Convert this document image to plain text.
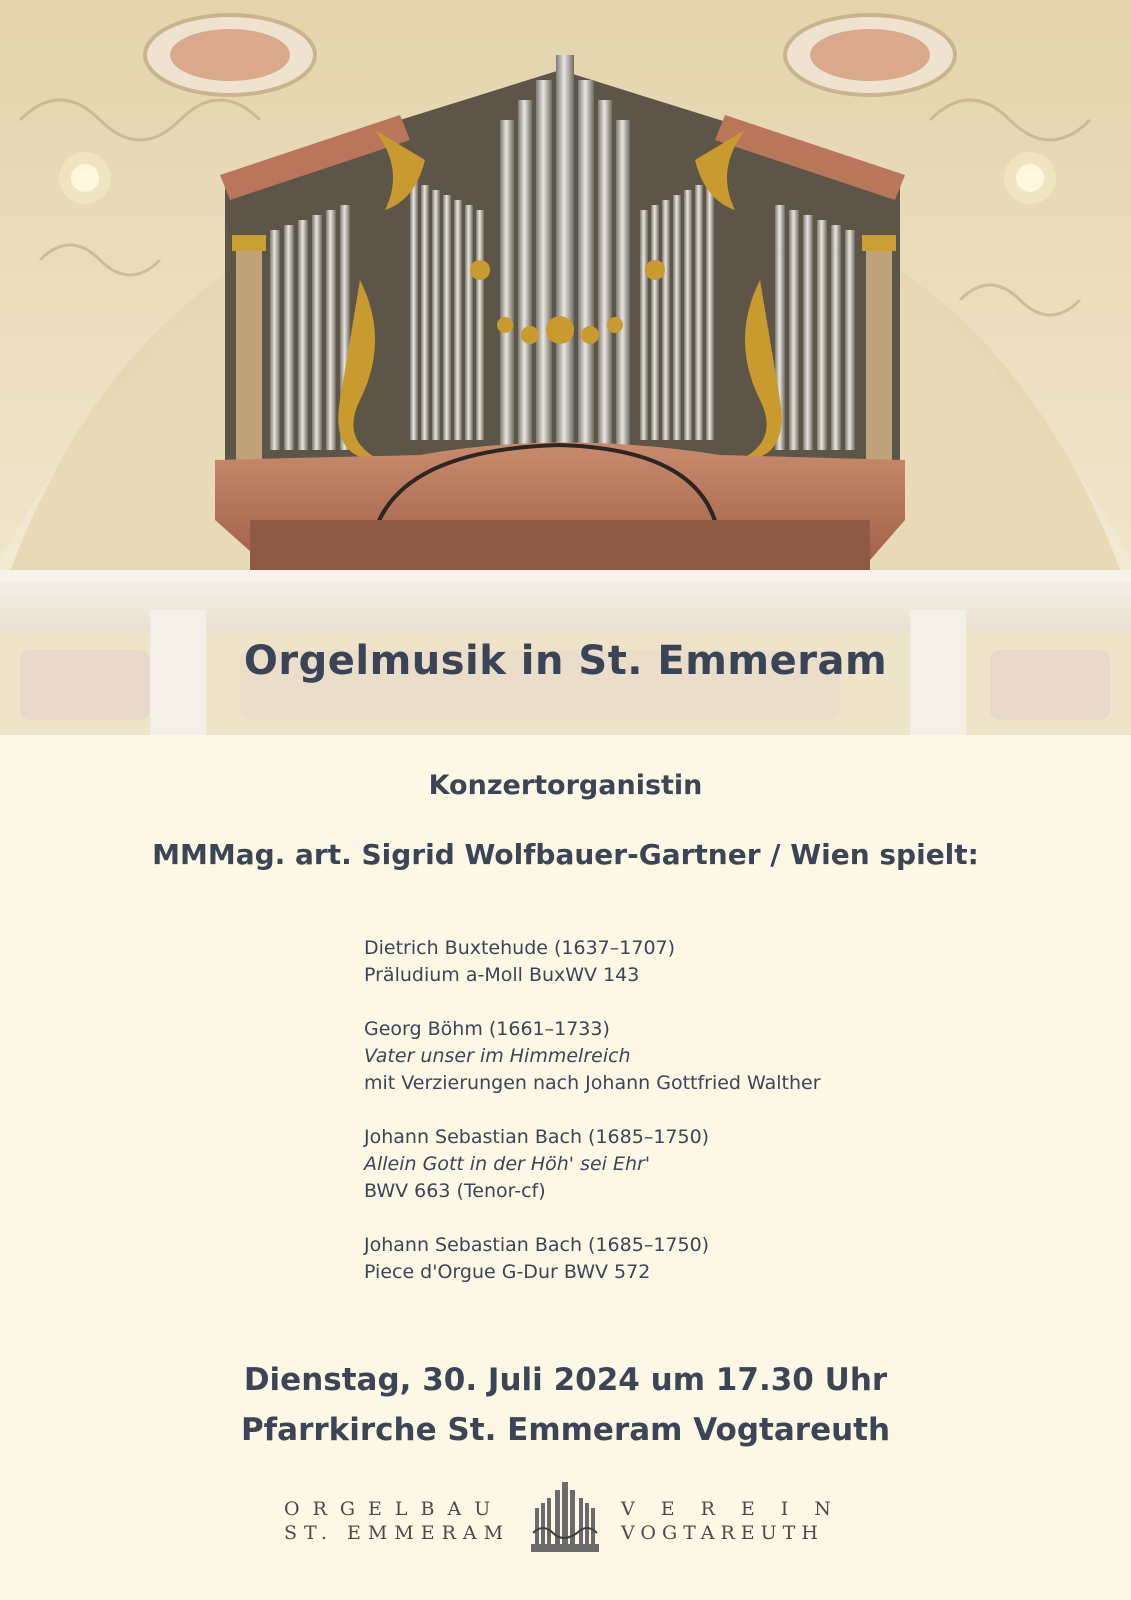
Orgelmusik in St. Emmeram
Konzertorganistin
MMMag. art. Sigrid Wolfbauer-Gartner / Wien spielt:
Dietrich Buxtehude (1637–1707)
Präludium a-Moll BuxWV 143
Georg Böhm (1661–1733)
Vater unser im Himmelreich
mit Verzierungen nach Johann Gottfried Walther
Johann Sebastian Bach (1685–1750)
Allein Gott in der Höh' sei Ehr'
BWV 663 (Tenor-cf)
Johann Sebastian Bach (1685–1750)
Piece d'Orgue G-Dur BWV 572
Dienstag, 30. Juli 2024 um 17.30 Uhr
Pfarrkirche St. Emmeram Vogtareuth
ORGELBAU
ST. EMMERAM
VEREIN
VOGTAREUTH
